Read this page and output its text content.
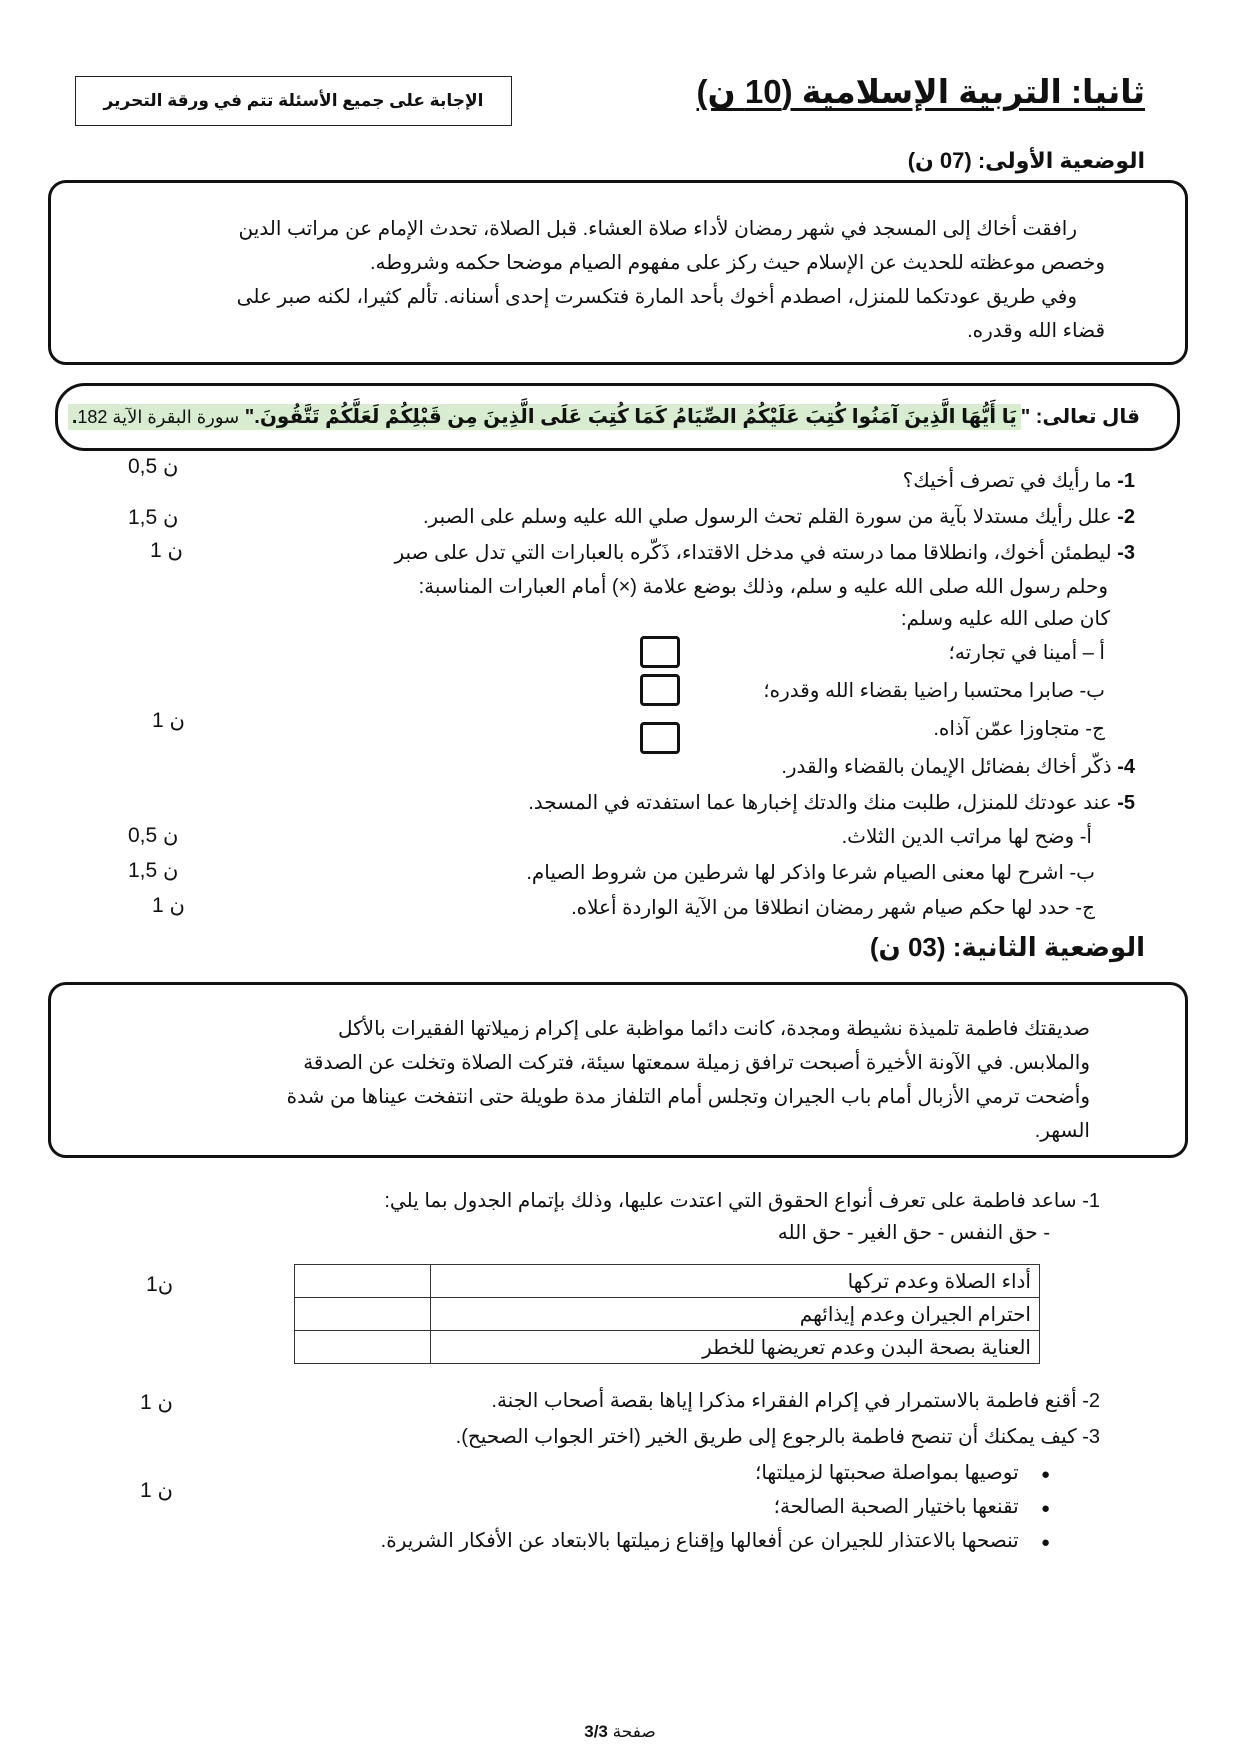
الإجابة على جميع الأسئلة تتم في ورقة التحرير	ثانيا: التربية الإسلامية (10 ن)
الوضعية الأولى: (07 ن)
رافقت أخاك إلى المسجد في شهر رمضان لأداء صلاة العشاء. قبل الصلاة، تحدث الإمام عن مراتب الدين
وخصص موعظته للحديث عن الإسلام حيث ركز على مفهوم الصيام موضحا حكمه وشروطه.
وفي طريق عودتكما للمنزل، اصطدم أخوك بأحد المارة فتكسرت إحدى أسنانه. تألم كثيرا، لكنه صبر على
قضاء الله وقدره.
قال تعالى: "يَا أَيُّهَا الَّذِينَ آمَنُوا كُتِبَ عَلَيْكُمُ الصِّيَامُ كَمَا كُتِبَ عَلَى الَّذِينَ مِن قَبْلِكُمْ لَعَلَّكُمْ تَتَّقُونَ." سورة البقرة الآية 182.
1- ما رأيك في تصرف أخيك؟
0,5 ن
2- علل رأيك مستدلا بآية من سورة القلم تحث الرسول صلي الله عليه وسلم على الصبر.
1,5 ن
3- ليطمئن أخوك، وانطلاقا مما درسته في مدخل الاقتداء، ذَكّره بالعبارات التي تدل على صبر
1 ن
وحلم رسول الله صلى الله عليه و سلم، وذلك بوضع علامة (×) أمام العبارات المناسبة:
كان صلى الله عليه وسلم:
أ – أمينا في تجارته؛
ب- صابرا محتسبا راضيا بقضاء الله وقدره؛
ج- متجاوزا عمّن آذاه.
4- ذكّر أخاك بفضائل الإيمان بالقضاء والقدر.
1 ن
5- عند عودتك للمنزل، طلبت منك والدتك إخبارها عما استفدته في المسجد.
أ- وضح لها مراتب الدين الثلاث.
0,5 ن
ب- اشرح لها معنى الصيام شرعا واذكر لها شرطين من شروط الصيام.
1,5 ن
ج- حدد لها حكم صيام شهر رمضان انطلاقا من الآية الواردة أعلاه.
1 ن
الوضعية الثانية: (03 ن)
صديقتك فاطمة تلميذة نشيطة ومجدة، كانت دائما مواظبة على إكرام زميلاتها الفقيرات بالأكل
والملابس. في الآونة الأخيرة أصبحت ترافق زميلة سمعتها سيئة، فتركت الصلاة وتخلت عن الصدقة
وأضحت ترمي الأزبال أمام باب الجيران وتجلس أمام التلفاز مدة طويلة حتى انتفخت عيناها من شدة
السهر.
1- ساعد فاطمة على تعرف أنواع الحقوق التي اعتدت عليها، وذلك بإتمام الجدول بما يلي:
- حق النفس - حق الغير - حق الله
1ن	أداء الصلاة وعدم تركها	
احترام الجيران وعدم إيذائهم	
العناية بصحة البدن وعدم تعريضها للخطر	
2- أقنع فاطمة بالاستمرار في إكرام الفقراء مذكرا إياها بقصة أصحاب الجنة.
1 ن
3- كيف يمكنك أن تنصح فاطمة بالرجوع إلى طريق الخير (اختر الجواب الصحيح).
1 ن
●    توصيها بمواصلة صحبتها لزميلتها؛
●    تقنعها باختيار الصحبة الصالحة؛
●    تنصحها بالاعتذار للجيران عن أفعالها وإقناع زميلتها بالابتعاد عن الأفكار الشريرة.
صفحة 3/3
